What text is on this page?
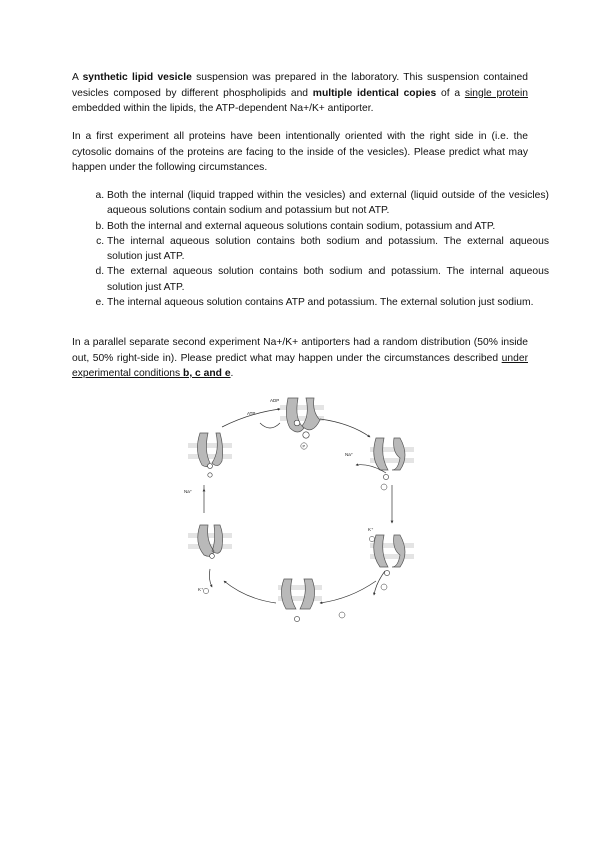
A synthetic lipid vesicle suspension was prepared in the laboratory. This suspension contained vesicles composed by different phospholipids and multiple identical copies of a single protein embedded within the lipids, the ATP-dependent Na+/K+ antiporter.

In a first experiment all proteins have been intentionally oriented with the right side in (i.e. the cytosolic domains of the proteins are facing to the inside of the vesicles). Please predict what may happen under the following circumstances.

a. Both the internal (liquid trapped within the vesicles) and external (liquid outside of the vesicles) aqueous solutions contain sodium and potassium but not ATP.
b. Both the internal and external aqueous solutions contain sodium, potassium and ATP.
c. The internal aqueous solution contains both sodium and potassium. The external aqueous solution just ATP.
d. The external aqueous solution contains both sodium and potassium. The internal aqueous solution just ATP.
e. The internal aqueous solution contains ATP and potassium. The external solution just sodium.

In a parallel separate second experiment Na+/K+ antiporters had a random distribution (50% inside out, 50% right-side in). Please predict what may happen under the circumstances described under experimental conditions b, c and e.

ATP
ADP
Na⁺
Na⁺
K⁺
K⁺
P
